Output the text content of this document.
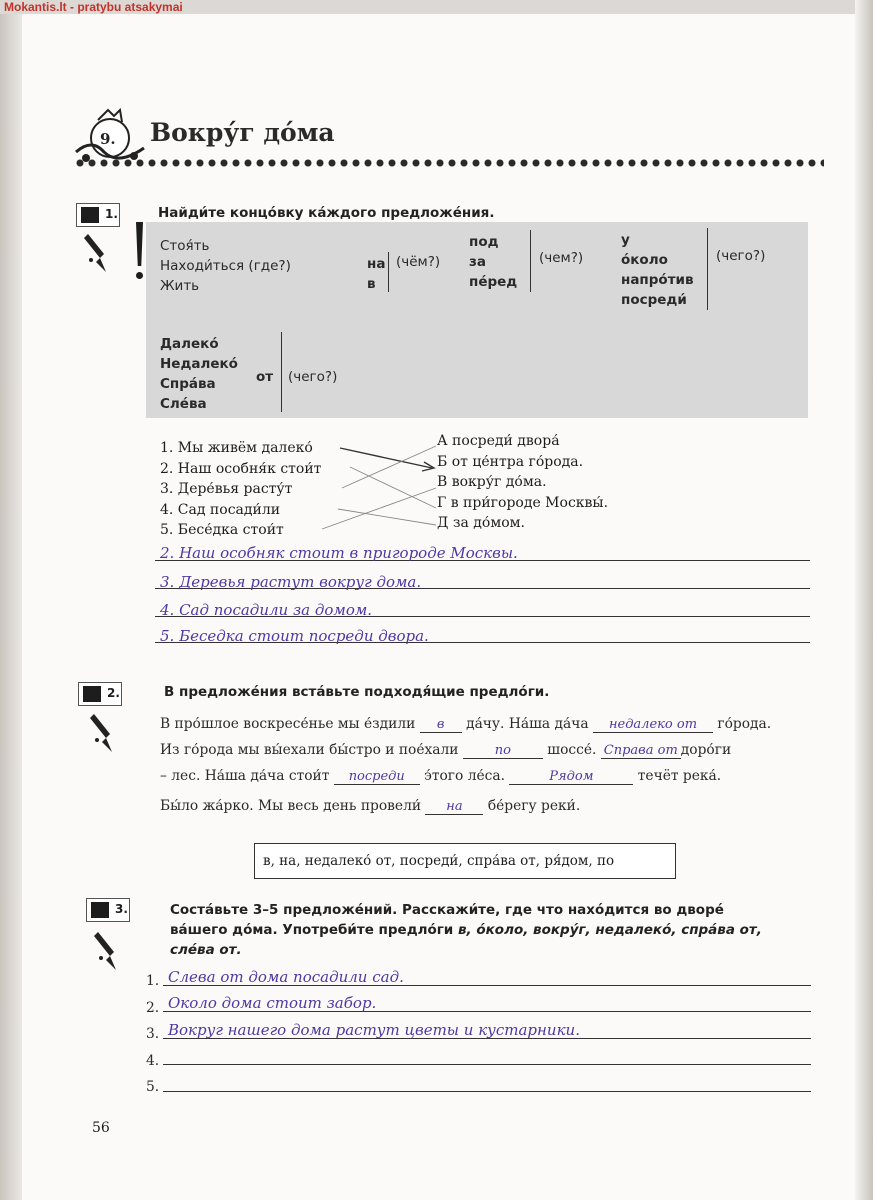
Mokantis.lt - pratybu atsakymai
9. Вокру́г до́ма
1.	Найди́те концо́вку ка́ждого предложе́ния.
Стоя́ть
Находи́ться (где?)
Жить
на
в
(чём?)
под
за
пе́ред
(чем?)
у
о́коло
напро́тив
посреди́
(чего?)
Далеко́
Недалеко́
Спра́ва
Сле́ва
от (чего?)
1. Мы живём далеко́
2. Наш особня́к стои́т
3. Дере́вья расту́т
4. Сад посади́ли
5. Бесе́дка стои́т
А посреди́ двора́
Б от це́нтра го́рода.
В вокру́г до́ма.
Г в при́городе Москвы́.
Д за до́мом.
2. Наш особняк стоит в пригороде Москвы.
3. Деревья растут вокруг дома.
4. Сад посадили за домом.
5. Беседка стоит посреди двора.
2.	В предложе́ния вста́вьте подходя́щие предло́ги.
В про́шлое воскресе́нье мы е́здили в да́чу. На́ша да́ча недалеко от го́рода.
Из го́рода мы вы́ехали бы́стро и пое́хали по шоссе́. Справа от доро́ги
– лес. На́ша да́ча стои́т посреди э́того ле́са.	Рядом	течёт река́.
Бы́ло жа́рко. Мы весь день провели́ на бе́регу реки́.
в, на, недалеко́ от, посреди́, спра́ва от, ря́дом, по
3.	Соста́вьте 3–5 предложе́ний. Расскажи́те, где что нахо́дится во дворе́
ва́шего до́ма. Употреби́те предло́ги в, о́коло, вокру́г, недалеко́, спра́ва от,
сле́ва от.
1.
2.
3.
4.
5.
Слева от дома посадили сад.
Около дома стоит забор.
Вокруг нашего дома растут цветы и кустарники.
56
